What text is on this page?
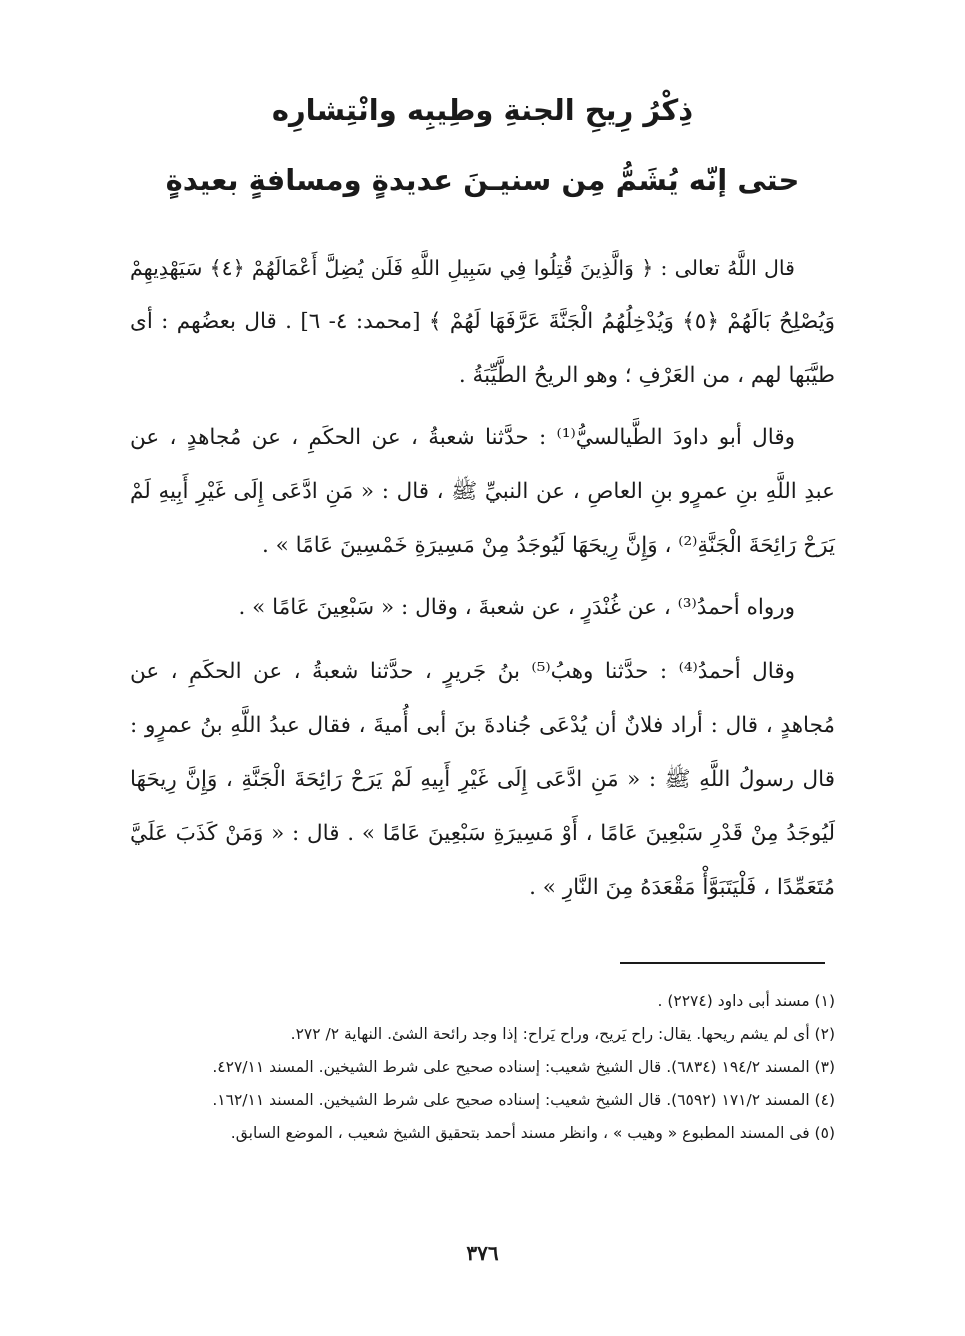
ذِكْرُ رِيحِ الجنةِ وطِيبِه وانْتِشارِه
حتى إنّه يُشَمُّ مِن سنيـنَ عديدةٍ ومسافةٍ بعيدةٍ
قال اللَّهُ تعالى : ﴿ وَالَّذِينَ قُتِلُوا فِي سَبِيلِ اللَّهِ فَلَن يُضِلَّ أَعْمَالَهُمْ ﴿٤﴾ سَيَهْدِيهِمْ
وَيُصْلِحُ بَالَهُمْ ﴿٥﴾ وَيُدْخِلُهُمُ الْجَنَّةَ عَرَّفَهَا لَهُمْ ﴾ [محمد: ٤- ٦] . قال بعضُهم : أى
طيَّبَها لهم ، من العَرْفِ ؛ وهو الريحُ الطَّيِّبَةُ .
وقال أبو داودَ الطَّيالسيُّ⁽¹⁾ : حدَّثنا شعبةُ ، عن الحكَمِ ، عن مُجاهدٍ ، عن
عبدِ اللَّهِ بنِ عمرٍو بنِ العاصِ ، عن النبيِّ ﷺ ، قال : « مَنِ ادَّعَى إِلَى غَيْرِ أَبِيهِ لَمْ
يَرَحْ رَائِحَةَ الْجَنَّةِ⁽²⁾ ، وَإِنَّ رِيحَهَا لَيُوجَدُ مِنْ مَسِيرَةِ خَمْسِينَ عَامًا » .
ورواه أحمدُ⁽³⁾ ، عن غُنْدَرٍ ، عن شعبةَ ، وقال : « سَبْعِينَ عَامًا » .
وقال أحمدُ⁽⁴⁾ : حدَّثنا وهبُ⁽⁵⁾ بنُ جَريرٍ ، حدَّثنا شعبةُ ، عن الحكَمِ ، عن
مُجاهدٍ ، قال : أراد فلانٌ أن يُدْعَى جُنادةَ بنَ أبى أُميةَ ، فقال عبدُ اللَّهِ بنُ عمرٍو :
قال رسولُ اللَّهِ ﷺ : « مَنِ ادَّعَى إِلَى غَيْرِ أَبِيهِ لَمْ يَرَحْ رَائِحَةَ الْجَنَّةِ ، وَإِنَّ رِيحَهَا
لَيُوجَدُ مِنْ قَدْرِ سَبْعِينَ عَامًا ، أَوْ مَسِيرَةِ سَبْعِينَ عَامًا » . قال : « وَمَنْ كَذَبَ عَلَيَّ
مُتَعَمِّدًا ، فَلْيَتَبَوَّأْ مَقْعَدَهُ مِنَ النَّارِ » .
(١) مسند أبى داود (٢٢٧٤) .
(٢) أى لم يشم ريحها. يقال: راح يَريح، وراح يَراح: إذا وجد رائحة الشئ. النهاية ٢/ ٢٧٢.
(٣) المسند ١٩٤/٢ (٦٨٣٤). قال الشيخ شعيب: إسناده صحيح على شرط الشيخين. المسند ٤٢٧/١١.
(٤) المسند ١٧١/٢ (٦٥٩٢). قال الشيخ شعيب: إسناده صحيح على شرط الشيخين. المسند ١٦٢/١١.
(٥) فى المسند المطبوع « وهيب » ، وانظر مسند أحمد بتحقيق الشيخ شعيب ، الموضع السابق.
٣٧٦
